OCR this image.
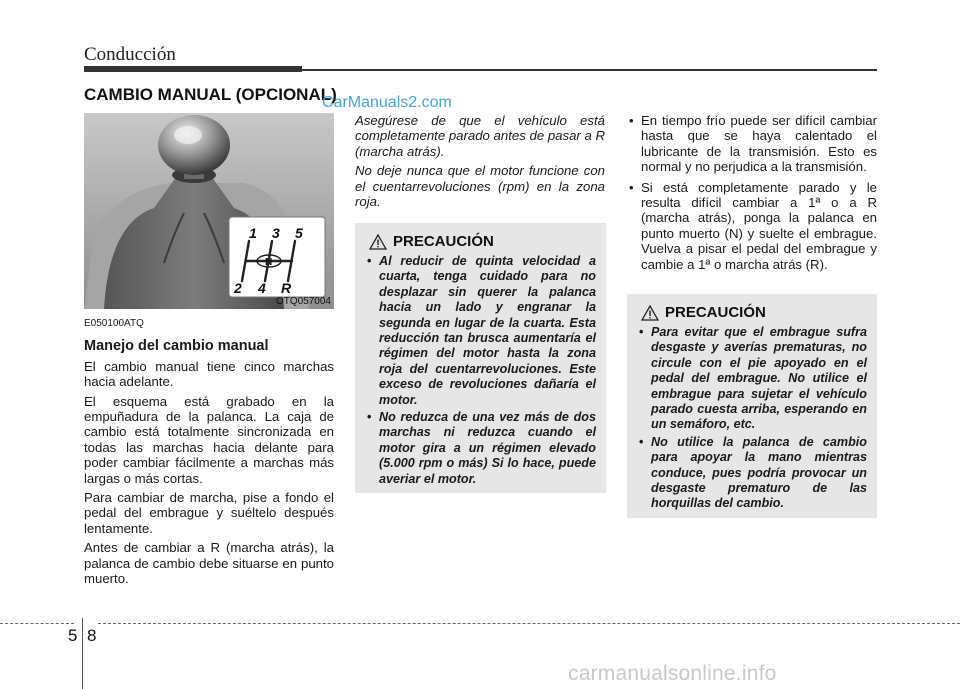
Conducción
CAMBIO MANUAL (OPCIONAL)
CarManuals2.com
1 3 5
2 4 R
N
OTQ057004

E050100ATQ

Manejo del cambio manual

El cambio manual tiene cinco marchas hacia adelante.

El esquema está grabado en la empuñadura de la palanca. La caja de cambio está totalmente sincronizada en todas las marchas hacia delante para poder cambiar fácilmente a marchas más largas o más cortas.

Para cambiar de marcha, pise a fondo el pedal del embrague y suéltelo después lentamente.

Antes de cambiar a R (marcha atrás), la palanca de cambio debe situarse en punto muerto.

Asegúrese de que el vehículo está completamente parado antes de pasar a R (marcha atrás).

No deje nunca que el motor funcione con el cuentarrevoluciones (rpm) en la zona roja.

PRECAUCIÓN
• Al reducir de quinta velocidad a cuarta, tenga cuidado para no desplazar sin querer la palanca hacia un lado y engranar la segunda en lugar de la cuarta. Esta reducción tan brusca aumentaría el régimen del motor hasta la zona roja del cuentarrevoluciones. Este exceso de revoluciones dañaría el motor.
• No reduzca de una vez más de dos marchas ni reduzca cuando el motor gira a un régimen elevado (5.000 rpm o más) Si lo hace, puede averiar el motor.
• En tiempo frío puede ser difícil cambiar hasta que se haya calentado el lubricante de la transmisión. Esto es normal y no perjudica a la transmisión.
• Si está completamente parado y le resulta difícil cambiar a 1ª o a R (marcha atrás), ponga la palanca en punto muerto (N) y suelte el embrague. Vuelva a pisar el pedal del embrague y cambie a 1ª o marcha atrás (R).
PRECAUCIÓN
• Para evitar que el embrague sufra desgaste y averías prematuras, no circule con el pie apoyado en el pedal del embrague. No utilice el embrague para sujetar el vehículo parado cuesta arriba, esperando en un semáforo, etc.
• No utilice la palanca de cambio para apoyar la mano mientras conduce, pues podría provocar un desgaste prematuro de las horquillas del cambio.
5 8
carmanualsonline.info
